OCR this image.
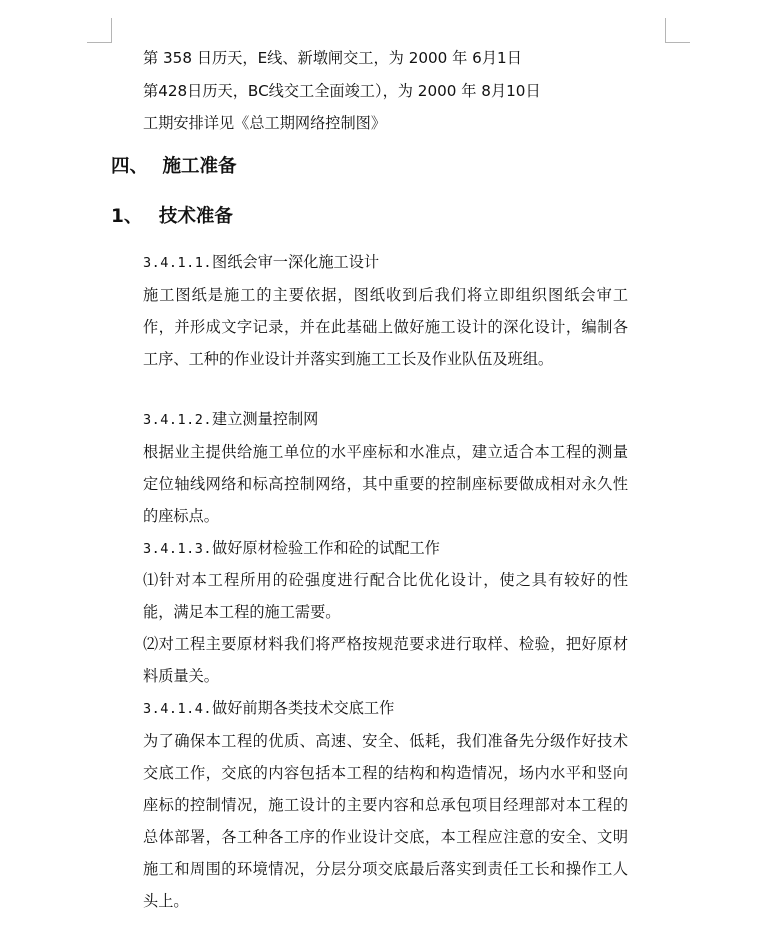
第 358 日历天，E线、新墩闸交工，为 2000 年 6月1日
第428日历天，BC线交工全面竣工），为 2000 年 8月10日
工期安排详见《总工期网络控制图》
四、 施工准备
1、 技术准备
3.4.1.1.图纸会审一深化施工设计
施工图纸是施工的主要依据，图纸收到后我们将立即组织图纸会审工作，并形成文字记录，并在此基础上做好施工设计的深化设计，编制各工序、工种的作业设计并落实到施工工长及作业队伍及班组。
3.4.1.2.建立测量控制网
根据业主提供给施工单位的水平座标和水准点，建立适合本工程的测量定位轴线网络和标高控制网络，其中重要的控制座标要做成相对永久性的座标点。
3.4.1.3.做好原材检验工作和砼的试配工作
⑴针对本工程所用的砼强度进行配合比优化设计，使之具有较好的性能，满足本工程的施工需要。
⑵对工程主要原材料我们将严格按规范要求进行取样、检验，把好原材料质量关。
3.4.1.4.做好前期各类技术交底工作
为了确保本工程的优质、高速、安全、低耗，我们准备先分级作好技术交底工作，交底的内容包括本工程的结构和构造情况，场内水平和竖向座标的控制情况，施工设计的主要内容和总承包项目经理部对本工程的总体部署，各工种各工序的作业设计交底，本工程应注意的安全、文明施工和周围的环境情况，分层分项交底最后落实到责任工长和操作工人头上。
